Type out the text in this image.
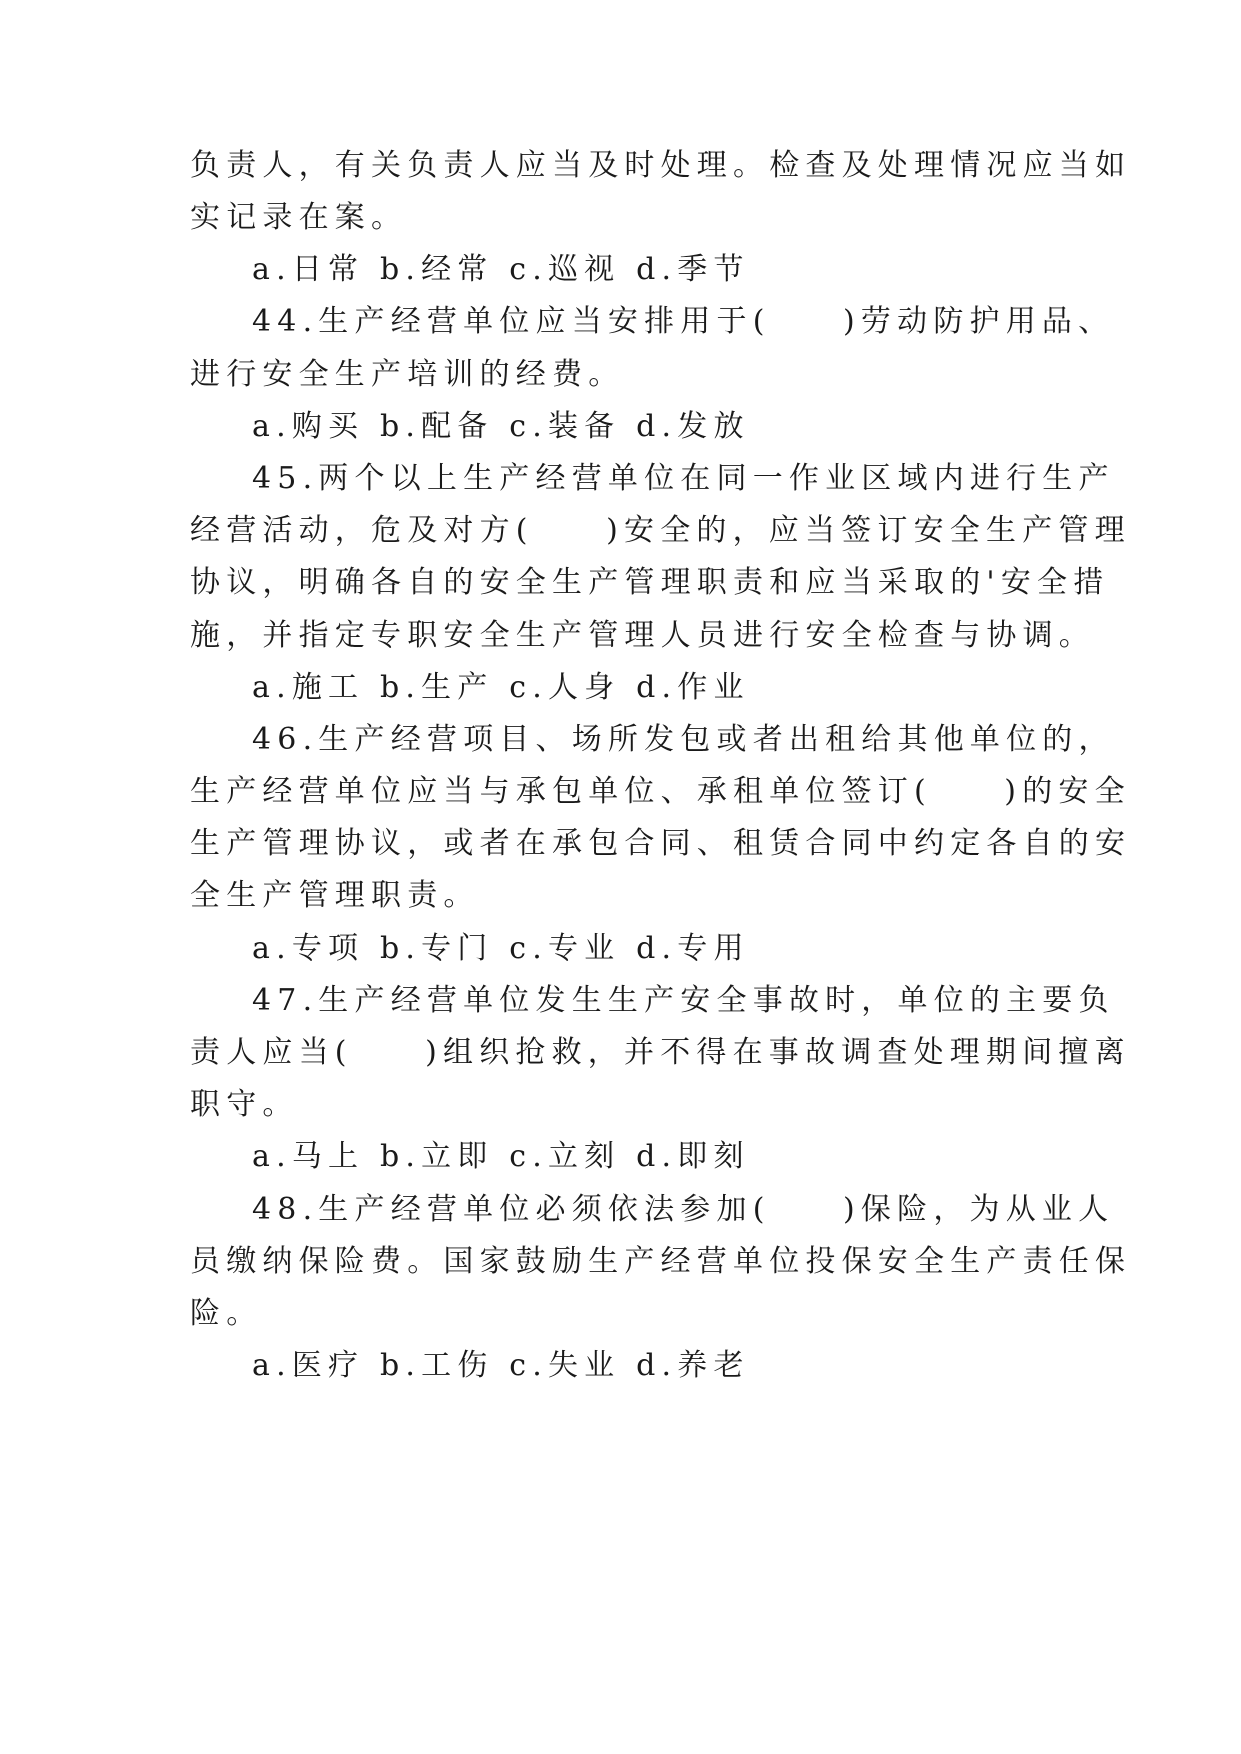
负责人，有关负责人应当及时处理。检查及处理情况应当如
实记录在案。
a.日常 b.经常 c.巡视 d.季节
44.生产经营单位应当安排用于(　　)劳动防护用品、
进行安全生产培训的经费。
a.购买 b.配备 c.装备 d.发放
45.两个以上生产经营单位在同一作业区域内进行生产
经营活动，危及对方(　　)安全的，应当签订安全生产管理
协议，明确各自的安全生产管理职责和应当采取的'安全措
施，并指定专职安全生产管理人员进行安全检查与协调。
a.施工 b.生产 c.人身 d.作业
46.生产经营项目、场所发包或者出租给其他单位的，
生产经营单位应当与承包单位、承租单位签订(　　)的安全
生产管理协议，或者在承包合同、租赁合同中约定各自的安
全生产管理职责。
a.专项 b.专门 c.专业 d.专用
47.生产经营单位发生生产安全事故时，单位的主要负
责人应当(　　)组织抢救，并不得在事故调查处理期间擅离
职守。
a.马上 b.立即 c.立刻 d.即刻
48.生产经营单位必须依法参加(　　)保险，为从业人
员缴纳保险费。国家鼓励生产经营单位投保安全生产责任保
险。
a.医疗 b.工伤 c.失业 d.养老
